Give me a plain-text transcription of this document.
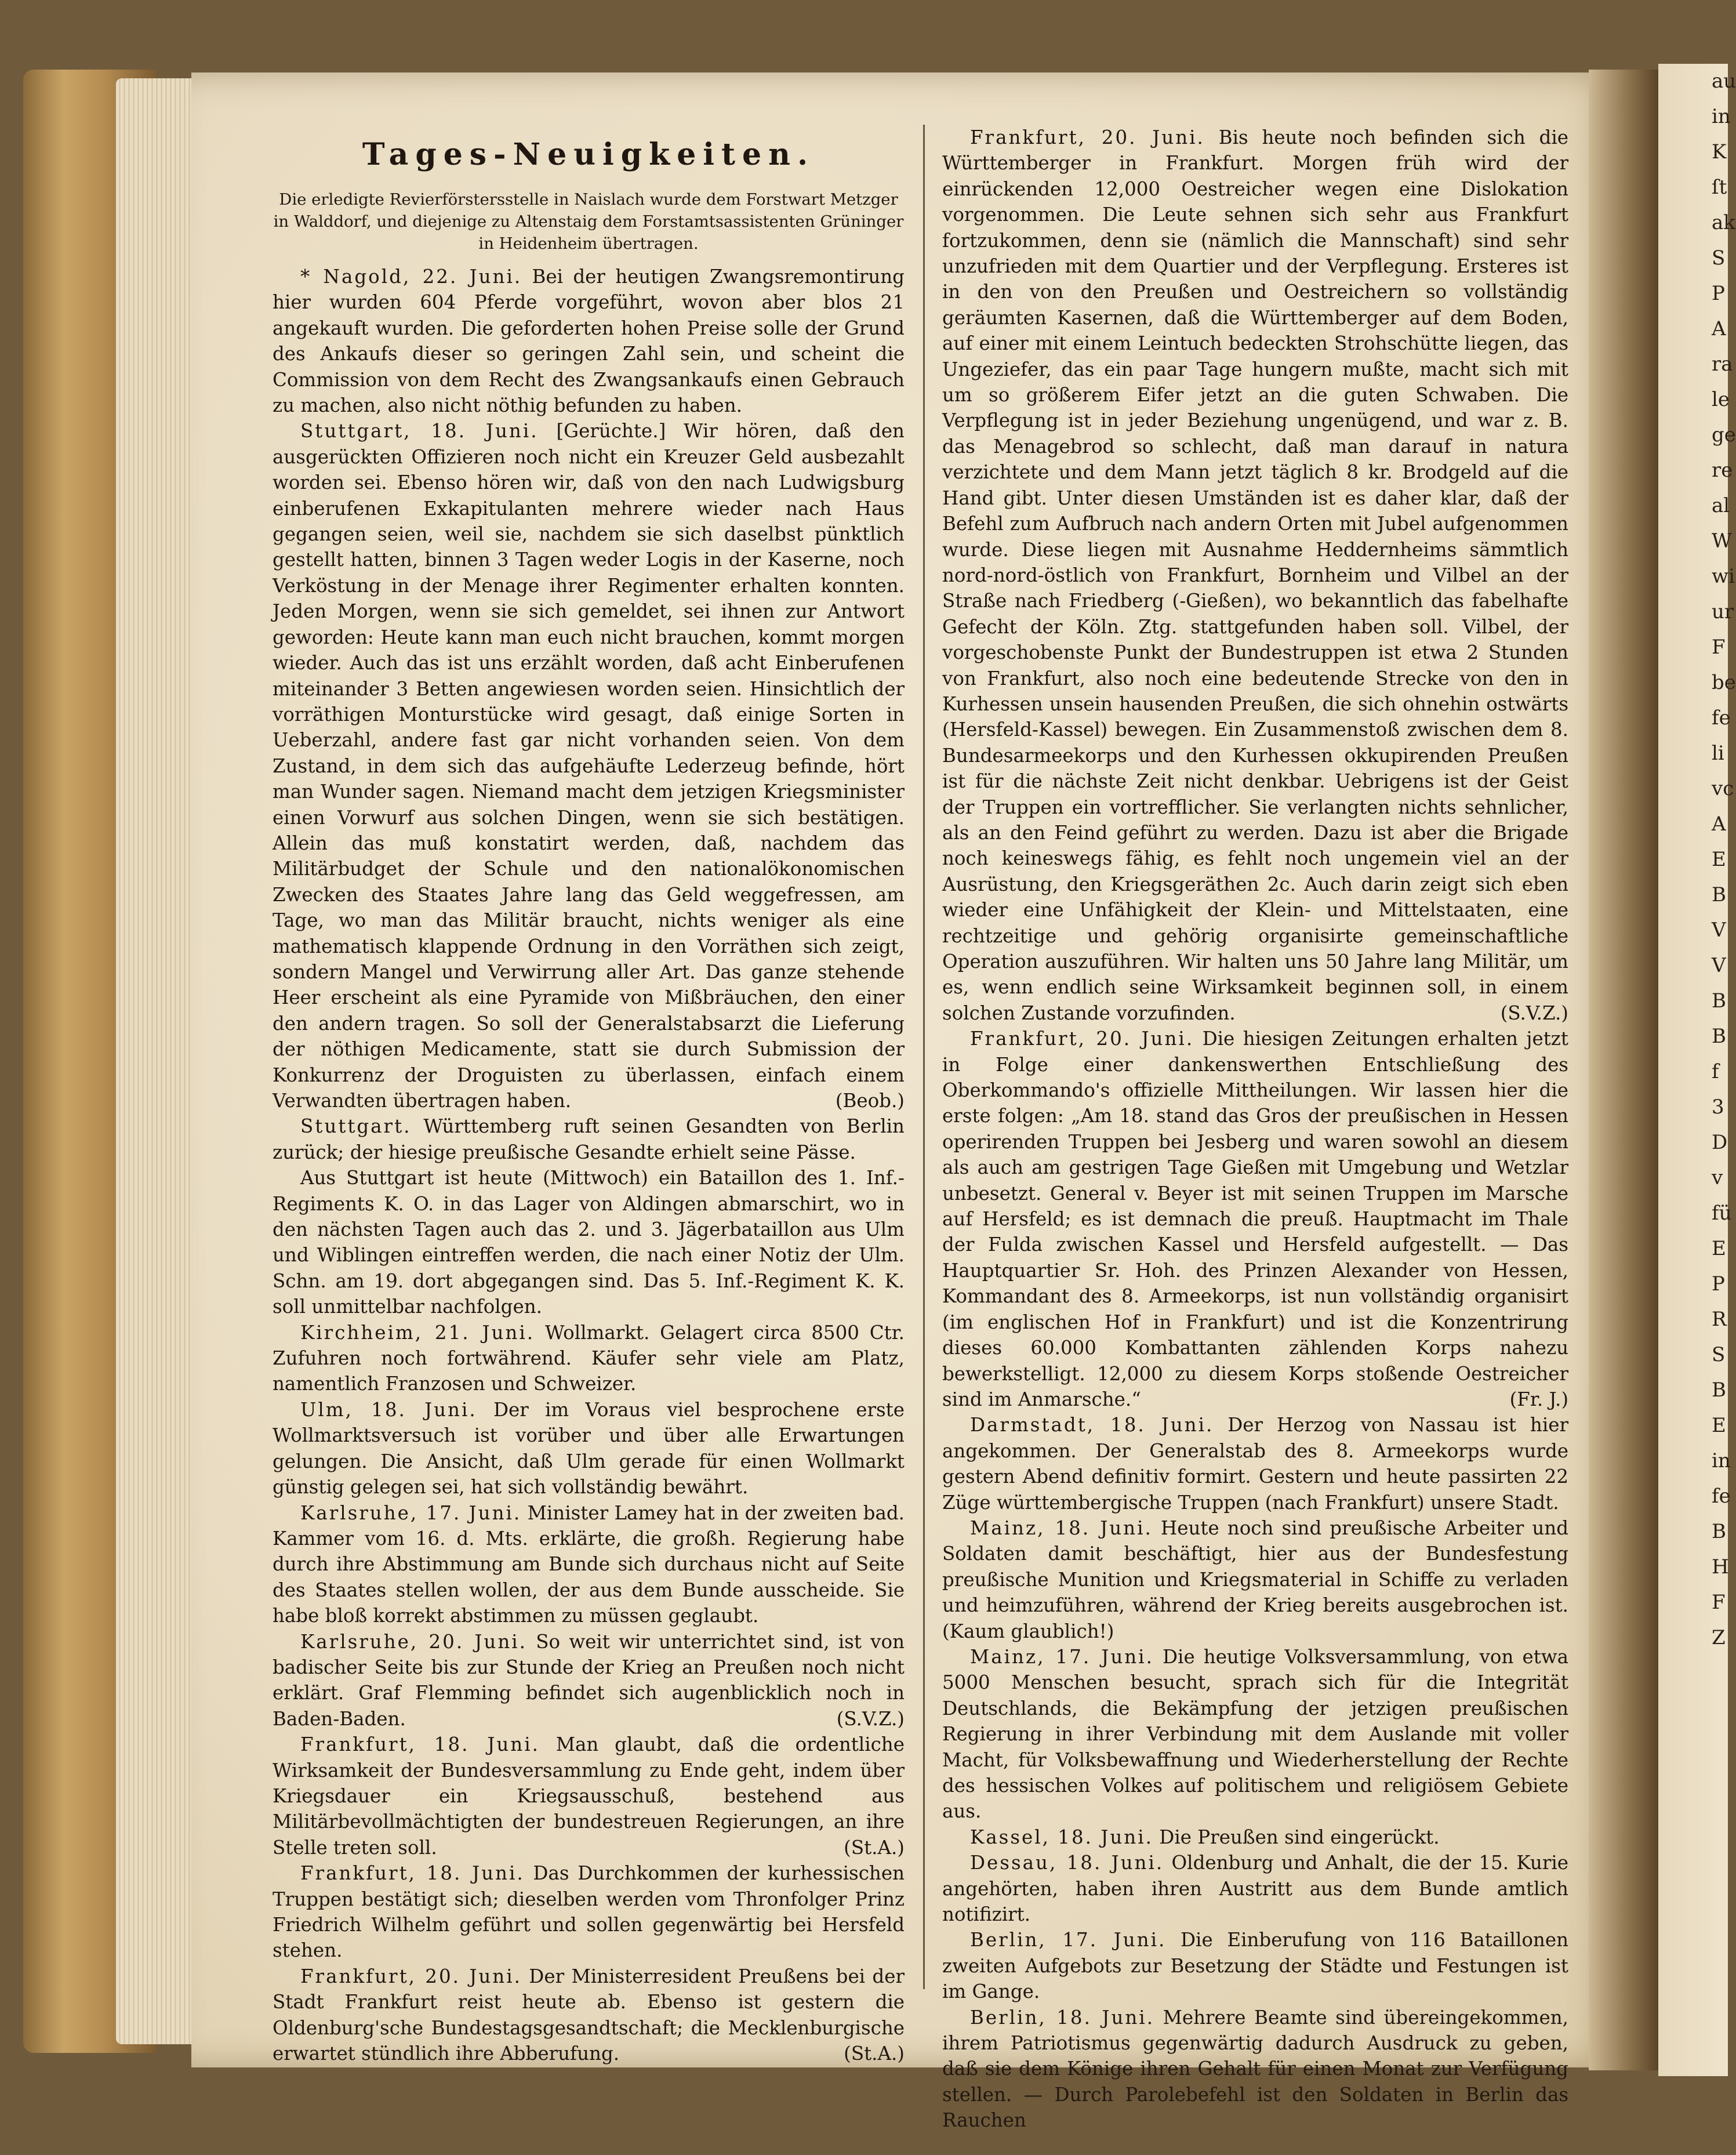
au
in
K
ſt
ak
S
P
A
ra
le
ge
re
al
W
wi
ur
F
be
fe
li
vc
A
E
B
V
V
B
B
f
3
D
v
fü
E
P
R
S
B
E
in
fe
B
H
F
Z
Tages-Neuigkeiten.
Die erledigte Revierförstersstelle in Naislach wurde dem Forstwart Metzger in Walddorf, und diejenige zu Altenstaig dem Forstamtsassistenten Grüninger in Heidenheim übertragen.

* Nagold, 22. Juni. Bei der heutigen Zwangsremontirung hier wurden 604 Pferde vorgeführt, wovon aber blos 21 angekauft wurden. Die geforderten hohen Preise solle der Grund des Ankaufs dieser so geringen Zahl sein, und scheint die Commission von dem Recht des Zwangsankaufs einen Gebrauch zu machen, also nicht nöthig befunden zu haben.

Stuttgart, 18. Juni. [Gerüchte.] Wir hören, daß den ausgerückten Offizieren noch nicht ein Kreuzer Geld ausbezahlt worden sei. Ebenso hören wir, daß von den nach Ludwigsburg einberufenen Exkapitulanten mehrere wieder nach Haus gegangen seien, weil sie, nachdem sie sich daselbst pünktlich gestellt hatten, binnen 3 Tagen weder Logis in der Kaserne, noch Verköstung in der Menage ihrer Regimenter erhalten konnten. Jeden Morgen, wenn sie sich gemeldet, sei ihnen zur Antwort geworden: Heute kann man euch nicht brauchen, kommt morgen wieder. Auch das ist uns erzählt worden, daß acht Einberufenen miteinander 3 Betten angewiesen worden seien. Hinsichtlich der vorräthigen Monturstücke wird gesagt, daß einige Sorten in Ueberzahl, andere fast gar nicht vorhanden seien. Von dem Zustand, in dem sich das aufgehäufte Lederzeug befinde, hört man Wunder sagen. Niemand macht dem jetzigen Kriegsminister einen Vorwurf aus solchen Dingen, wenn sie sich bestätigen. Allein das muß konstatirt werden, daß, nachdem das Militärbudget der Schule und den nationalökonomischen Zwecken des Staates Jahre lang das Geld weggefressen, am Tage, wo man das Militär braucht, nichts weniger als eine mathematisch klappende Ordnung in den Vorräthen sich zeigt, sondern Mangel und Verwirrung aller Art. Das ganze stehende Heer erscheint als eine Pyramide von Mißbräuchen, den einer den andern tragen. So soll der Generalstabsarzt die Lieferung der nöthigen Medicamente, statt sie durch Submission der Konkurrenz der Droguisten zu überlassen, einfach einem Verwandten übertragen haben.	(Beob.)

Stuttgart. Württemberg ruft seinen Gesandten von Berlin zurück; der hiesige preußische Gesandte erhielt seine Pässe.

Aus Stuttgart ist heute (Mittwoch) ein Bataillon des 1. Inf.-Regiments K. O. in das Lager von Aldingen abmarschirt, wo in den nächsten Tagen auch das 2. und 3. Jägerbataillon aus Ulm und Wiblingen eintreffen werden, die nach einer Notiz der Ulm. Schn. am 19. dort abgegangen sind. Das 5. Inf.-Regiment K. K. soll unmittelbar nachfolgen.

Kirchheim, 21. Juni. Wollmarkt. Gelagert circa 8500 Ctr. Zufuhren noch fortwährend. Käufer sehr viele am Platz, namentlich Franzosen und Schweizer.

Ulm, 18. Juni. Der im Voraus viel besprochene erste Wollmarktsversuch ist vorüber und über alle Erwartungen gelungen. Die Ansicht, daß Ulm gerade für einen Wollmarkt günstig gelegen sei, hat sich vollständig bewährt.

Karlsruhe, 17. Juni. Minister Lamey hat in der zweiten bad. Kammer vom 16. d. Mts. erklärte, die großh. Regierung habe durch ihre Abstimmung am Bunde sich durchaus nicht auf Seite des Staates stellen wollen, der aus dem Bunde ausscheide. Sie habe bloß korrekt abstimmen zu müssen geglaubt.

Karlsruhe, 20. Juni. So weit wir unterrichtet sind, ist von badischer Seite bis zur Stunde der Krieg an Preußen noch nicht erklärt. Graf Flemming befindet sich augenblicklich noch in Baden-Baden.	(S.V.Z.)

Frankfurt, 18. Juni. Man glaubt, daß die ordentliche Wirksamkeit der Bundesversammlung zu Ende geht, indem über Kriegsdauer ein Kriegsausschuß, bestehend aus Militärbevollmächtigten der bundestreuen Regierungen, an ihre Stelle treten soll.	(St.A.)

Frankfurt, 18. Juni. Das Durchkommen der kurhessischen Truppen bestätigt sich; dieselben werden vom Thronfolger Prinz Friedrich Wilhelm geführt und sollen gegenwärtig bei Hersfeld stehen.

Frankfurt, 20. Juni. Der Ministerresident Preußens bei der Stadt Frankfurt reist heute ab. Ebenso ist gestern die Oldenburg'sche Bundestagsgesandtschaft; die Mecklenburgische erwartet stündlich ihre Abberufung.	(St.A.)

Frankfurt, 20. Juni. Bis heute noch befinden sich die Württemberger in Frankfurt. Morgen früh wird der einrückenden 12,000 Oestreicher wegen eine Dislokation vorgenommen. Die Leute sehnen sich sehr aus Frankfurt fortzukommen, denn sie (nämlich die Mannschaft) sind sehr unzufrieden mit dem Quartier und der Verpflegung. Ersteres ist in den von den Preußen und Oestreichern so vollständig geräumten Kasernen, daß die Württemberger auf dem Boden, auf einer mit einem Leintuch bedeckten Strohschütte liegen, das Ungeziefer, das ein paar Tage hungern mußte, macht sich mit um so größerem Eifer jetzt an die guten Schwaben. Die Verpflegung ist in jeder Beziehung ungenügend, und war z. B. das Menagebrod so schlecht, daß man darauf in natura verzichtete und dem Mann jetzt täglich 8 kr. Brodgeld auf die Hand gibt. Unter diesen Umständen ist es daher klar, daß der Befehl zum Aufbruch nach andern Orten mit Jubel aufgenommen wurde. Diese liegen mit Ausnahme Heddernheims sämmtlich nord-nord-östlich von Frankfurt, Bornheim und Vilbel an der Straße nach Friedberg (-Gießen), wo bekanntlich das fabelhafte Gefecht der Köln. Ztg. stattgefunden haben soll. Vilbel, der vorgeschobenste Punkt der Bundestruppen ist etwa 2 Stunden von Frankfurt, also noch eine bedeutende Strecke von den in Kurhessen unsein hausenden Preußen, die sich ohnehin ostwärts (Hersfeld-Kassel) bewegen. Ein Zusammenstoß zwischen dem 8. Bundesarmeekorps und den Kurhessen okkupirenden Preußen ist für die nächste Zeit nicht denkbar. Uebrigens ist der Geist der Truppen ein vortrefflicher. Sie verlangten nichts sehnlicher, als an den Feind geführt zu werden. Dazu ist aber die Brigade noch keineswegs fähig, es fehlt noch ungemein viel an der Ausrüstung, den Kriegsgeräthen 2c. Auch darin zeigt sich eben wieder eine Unfähigkeit der Klein- und Mittelstaaten, eine rechtzeitige und gehörig organisirte gemeinschaftliche Operation auszuführen. Wir halten uns 50 Jahre lang Militär, um es, wenn endlich seine Wirksamkeit beginnen soll, in einem solchen Zustande vorzufinden.	(S.V.Z.)

Frankfurt, 20. Juni. Die hiesigen Zeitungen erhalten jetzt in Folge einer dankenswerthen Entschließung des Oberkommando's offizielle Mittheilungen. Wir lassen hier die erste folgen: „Am 18. stand das Gros der preußischen in Hessen operirenden Truppen bei Jesberg und waren sowohl an diesem als auch am gestrigen Tage Gießen mit Umgebung und Wetzlar unbesetzt. General v. Beyer ist mit seinen Truppen im Marsche auf Hersfeld; es ist demnach die preuß. Hauptmacht im Thale der Fulda zwischen Kassel und Hersfeld aufgestellt. — Das Hauptquartier Sr. Hoh. des Prinzen Alexander von Hessen, Kommandant des 8. Armeekorps, ist nun vollständig organisirt (im englischen Hof in Frankfurt) und ist die Konzentrirung dieses 60.000 Kombattanten zählenden Korps nahezu bewerkstelligt. 12,000 zu diesem Korps stoßende Oestreicher sind im Anmarsche.“	(Fr. J.)

Darmstadt, 18. Juni. Der Herzog von Nassau ist hier angekommen. Der Generalstab des 8. Armeekorps wurde gestern Abend definitiv formirt. Gestern und heute passirten 22 Züge württembergische Truppen (nach Frankfurt) unsere Stadt.

Mainz, 18. Juni. Heute noch sind preußische Arbeiter und Soldaten damit beschäftigt, hier aus der Bundesfestung preußische Munition und Kriegsmaterial in Schiffe zu verladen und heimzuführen, während der Krieg bereits ausgebrochen ist. (Kaum glaublich!)

Mainz, 17. Juni. Die heutige Volksversammlung, von etwa 5000 Menschen besucht, sprach sich für die Integrität Deutschlands, die Bekämpfung der jetzigen preußischen Regierung in ihrer Verbindung mit dem Auslande mit voller Macht, für Volksbewaffnung und Wiederherstellung der Rechte des hessischen Volkes auf politischem und religiösem Gebiete aus.

Kassel, 18. Juni. Die Preußen sind eingerückt.

Dessau, 18. Juni. Oldenburg und Anhalt, die der 15. Kurie angehörten, haben ihren Austritt aus dem Bunde amtlich notifizirt.

Berlin, 17. Juni. Die Einberufung von 116 Bataillonen zweiten Aufgebots zur Besetzung der Städte und Festungen ist im Gange.

Berlin, 18. Juni. Mehrere Beamte sind übereingekommen, ihrem Patriotismus gegenwärtig dadurch Ausdruck zu geben, daß sie dem Könige ihren Gehalt für einen Monat zur Verfügung stellen. — Durch Parolebefehl ist den Soldaten in Berlin das Rauchen
